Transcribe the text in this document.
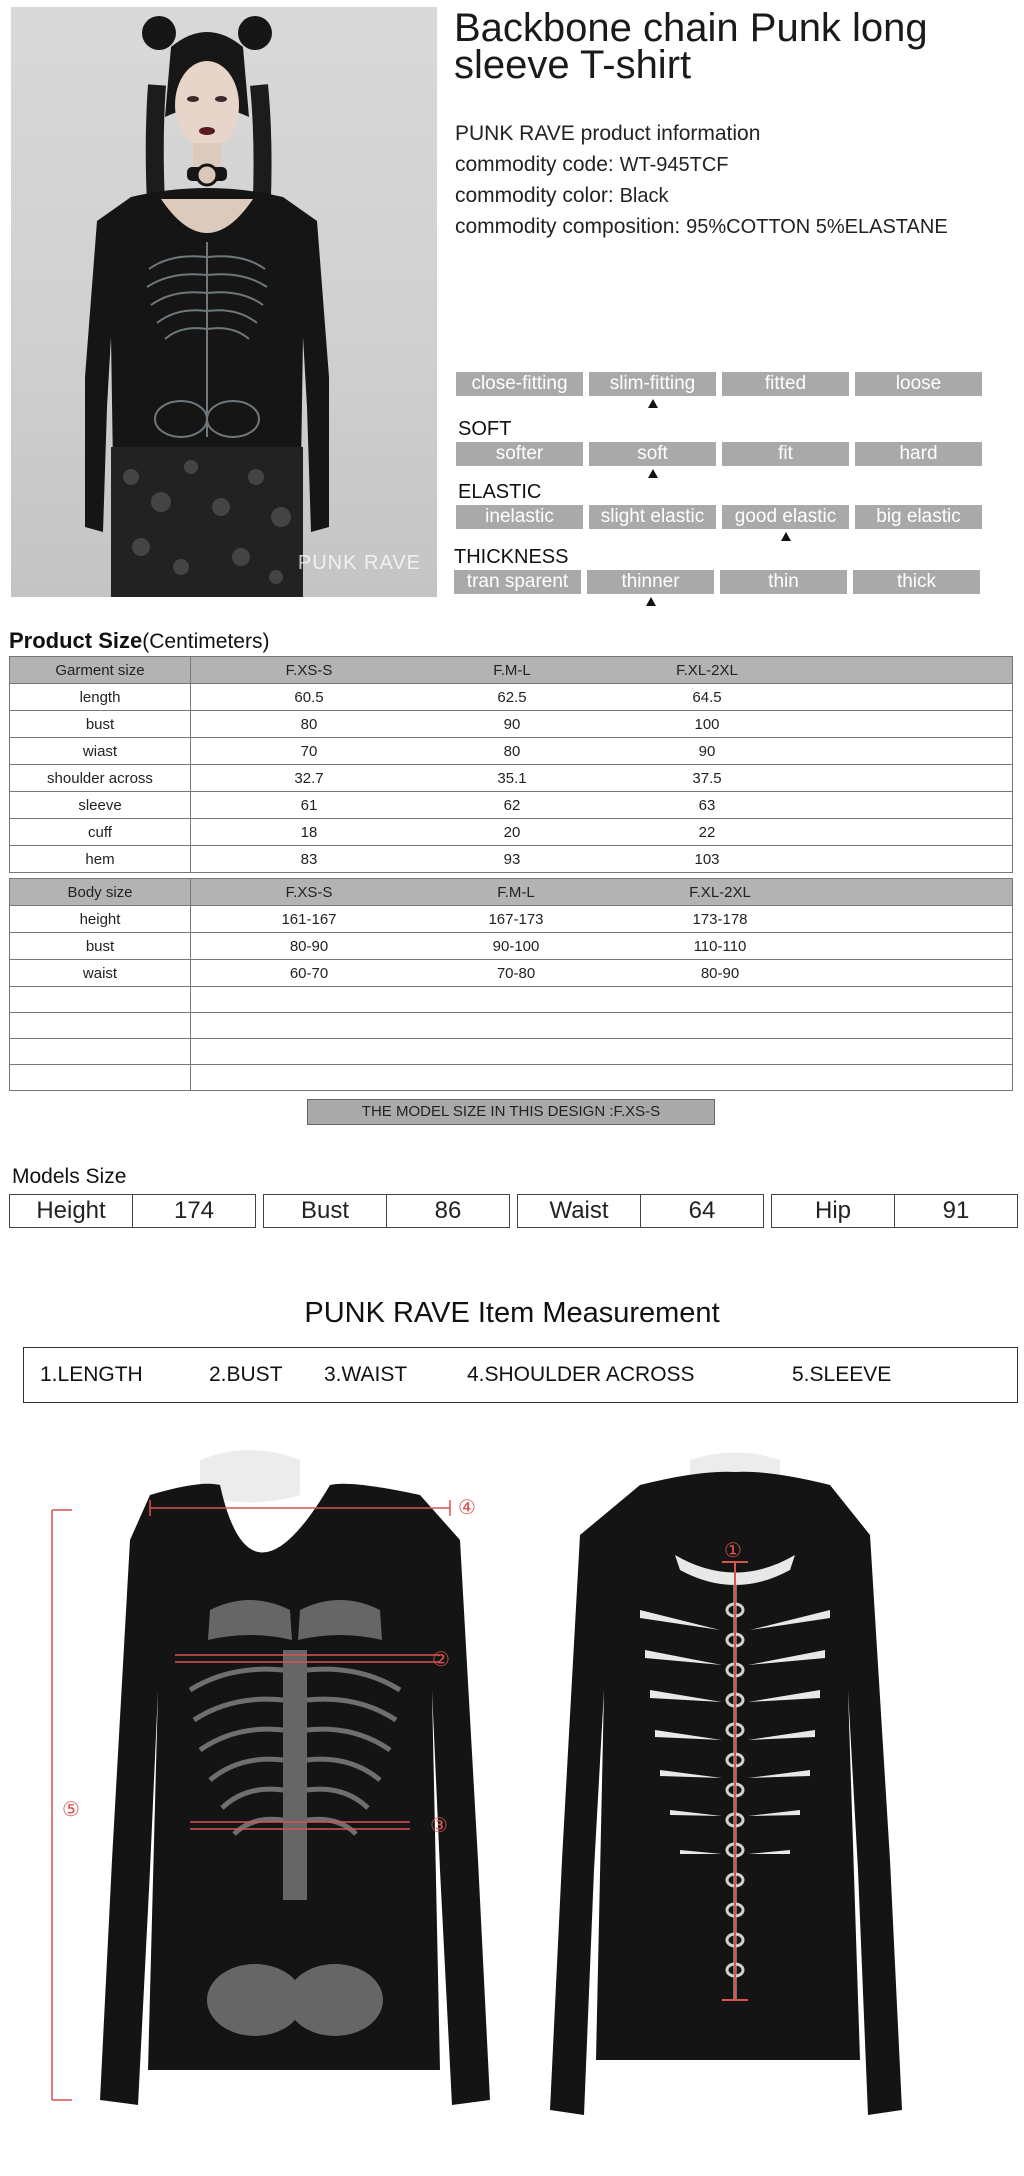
PUNK RAVE
Backbone chain Punk long sleeve T-shirt
PUNK RAVE product information
commodity code: WT-945TCF
commodity color: Black
commodity composition: 95%COTTON 5%ELASTANE
close-fitting	slim-fitting	fitted	loose
SOFT
softer	soft	fit	hard
ELASTIC
inelastic	slight elastic	good elastic	big elastic
THICKNESS
tran sparent	thinner	thin	thick
Product Size(Centimeters)
Garment size	F.XS-S F.M-L F.XL-2XL

length	60.5 62.5 64.5

bust	80 90 100

wiast	70 80 90

shoulder across	32.7 35.1 37.5

sleeve	61 62 63

cuff	18 20 22

hem	83 93 103
Body size	F.XS-S F.M-L F.XL-2XL

height	161-167 167-173 173-178

bust	80-90 90-100 110-110

waist	60-70 70-80 80-90

THE MODEL SIZE IN THIS DESIGN :F.XS-S
Models Size
Height	174	Bust	86	Waist	64	Hip	91
PUNK RAVE Item Measurement
1.LENGTH	2.BUST 3.WAIST	4.SHOULDER ACROSS	5.SLEEVE
④
②
③
⑤
①
